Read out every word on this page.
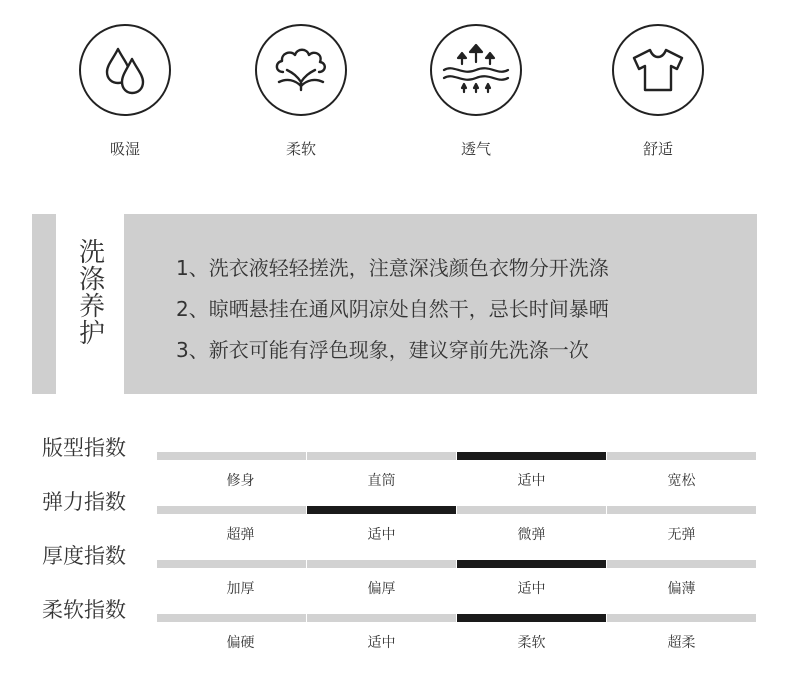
吸湿	柔软	透气	舒适
洗
涤
养
护
1、洗衣液轻轻搓洗，注意深浅颜色衣物分开洗涤
2、晾晒悬挂在通风阴凉处自然干，忌长时间暴晒
3、新衣可能有浮色现象，建议穿前先洗涤一次
版型指数
修身	直筒	适中	宽松
弹力指数
超弹	适中	微弹	无弹
厚度指数
加厚	偏厚	适中	偏薄
柔软指数
偏硬	适中	柔软	超柔
